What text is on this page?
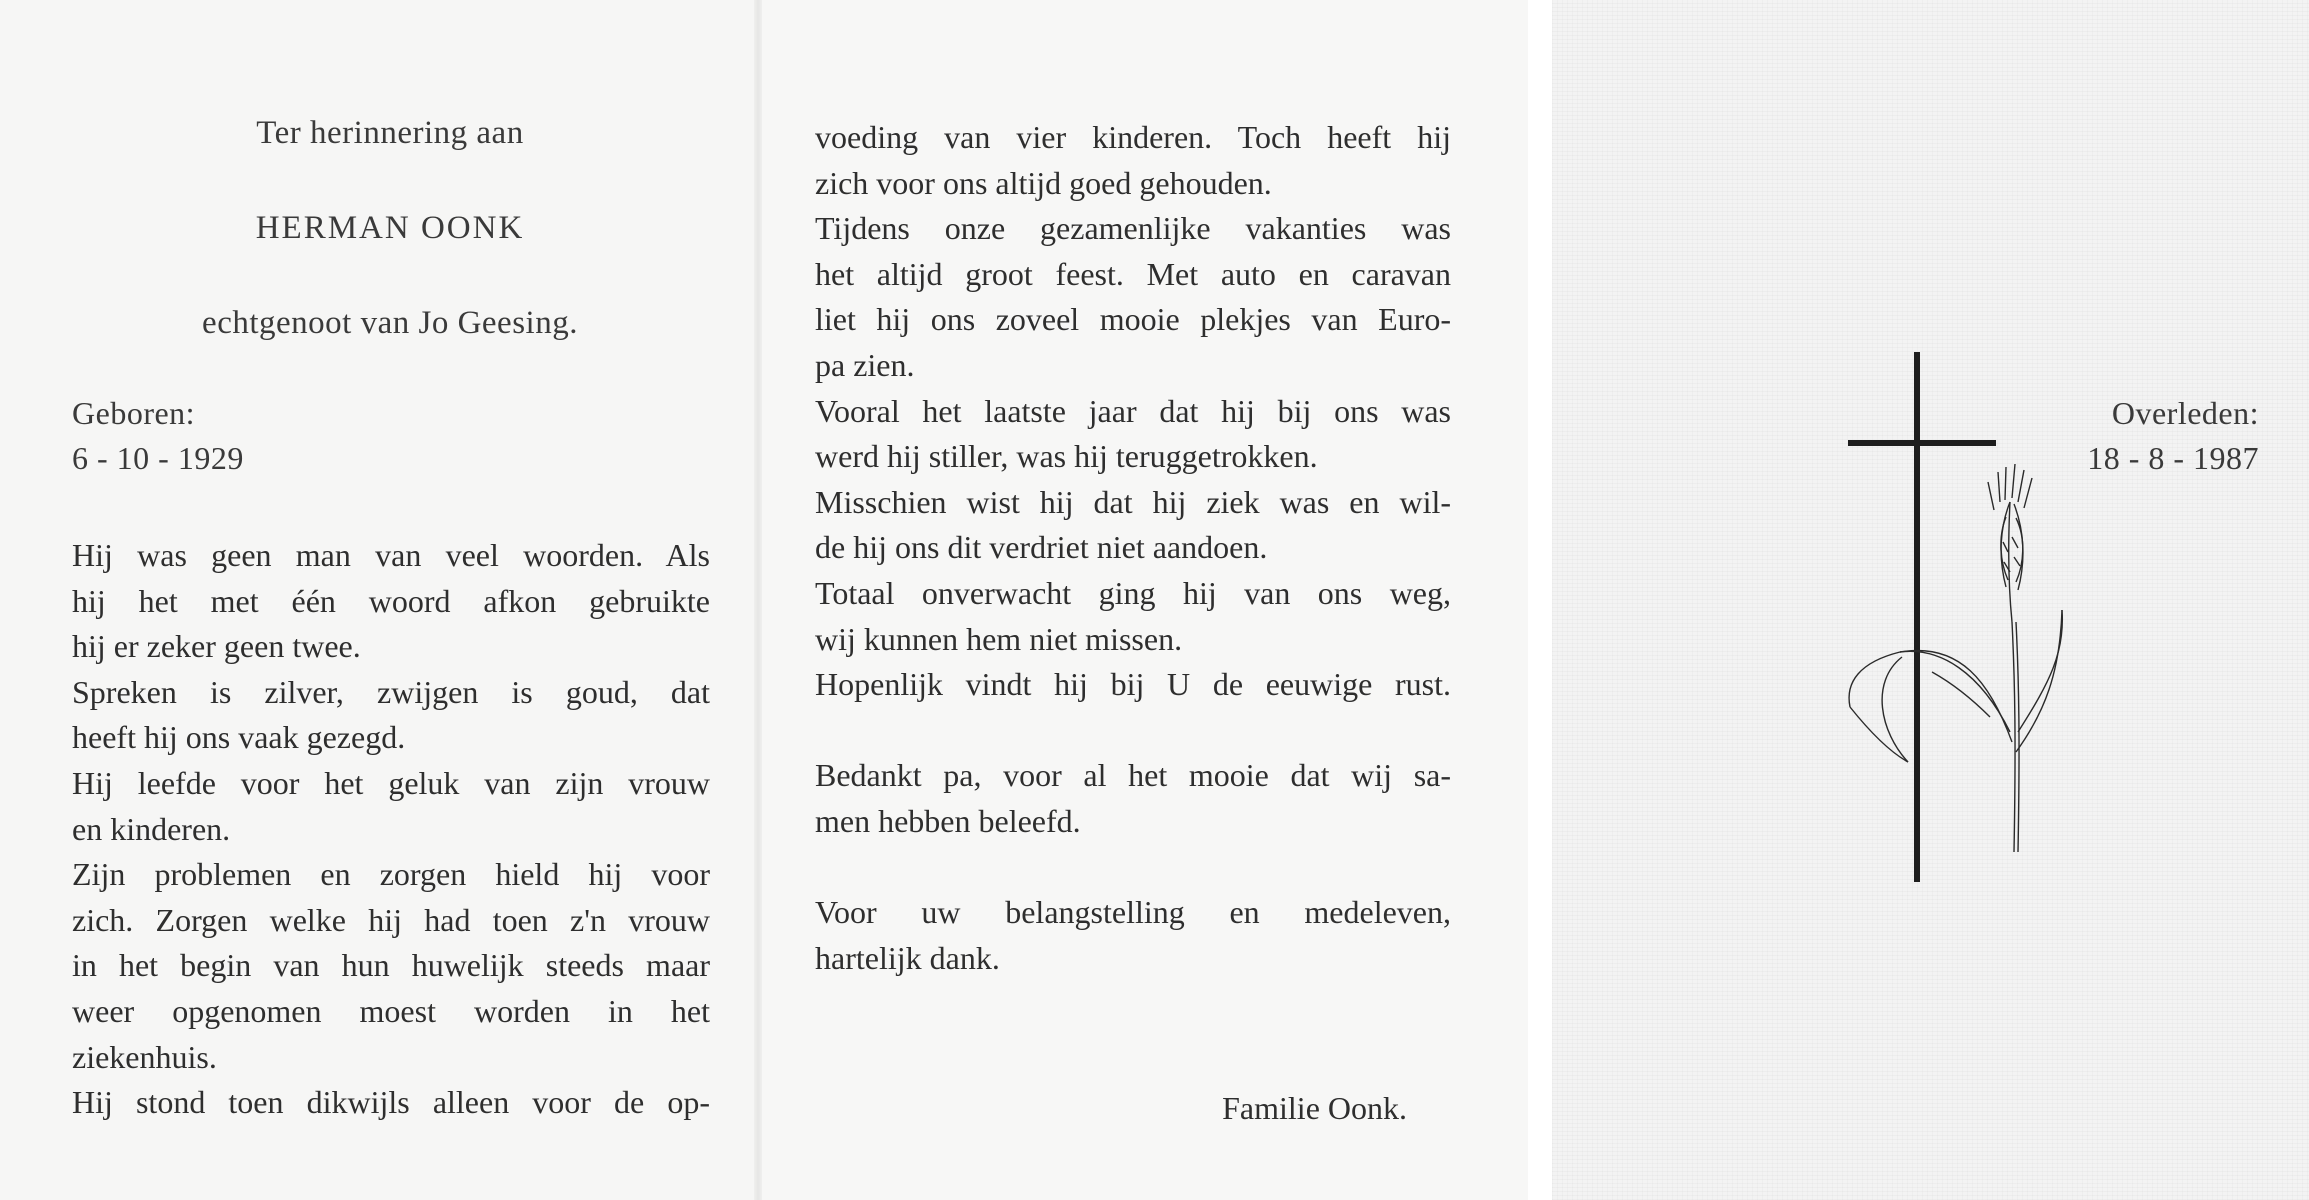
Ter herinnering aan
HERMAN OONK
echtgenoot van Jo Geesing.
Geboren:
6 - 10 - 1929
Overleden:
18 - 8 - 1987
Hij was geen man van veel woorden. Als
hij het met één woord afkon gebruikte
hij er zeker geen twee.
Spreken is zilver, zwijgen is goud, dat
heeft hij ons vaak gezegd.
Hij leefde voor het geluk van zijn vrouw
en kinderen.
Zijn problemen en zorgen hield hij voor
zich. Zorgen welke hij had toen z'n vrouw
in het begin van hun huwelijk steeds maar
weer opgenomen moest worden in het
ziekenhuis.
Hij stond toen dikwijls alleen voor de op-
voeding van vier kinderen. Toch heeft hij
zich voor ons altijd goed gehouden.
Tijdens onze gezamenlijke vakanties was
het altijd groot feest. Met auto en caravan
liet hij ons zoveel mooie plekjes van Euro-
pa zien.
Vooral het laatste jaar dat hij bij ons was
werd hij stiller, was hij teruggetrokken.
Misschien wist hij dat hij ziek was en wil-
de hij ons dit verdriet niet aandoen.
Totaal onverwacht ging hij van ons weg,
wij kunnen hem niet missen.
Hopenlijk vindt hij bij U de eeuwige rust.

Bedankt pa, voor al het mooie dat wij sa-
men hebben beleefd.

Voor uw belangstelling en medeleven,
hartelijk dank.
Familie Oonk.
